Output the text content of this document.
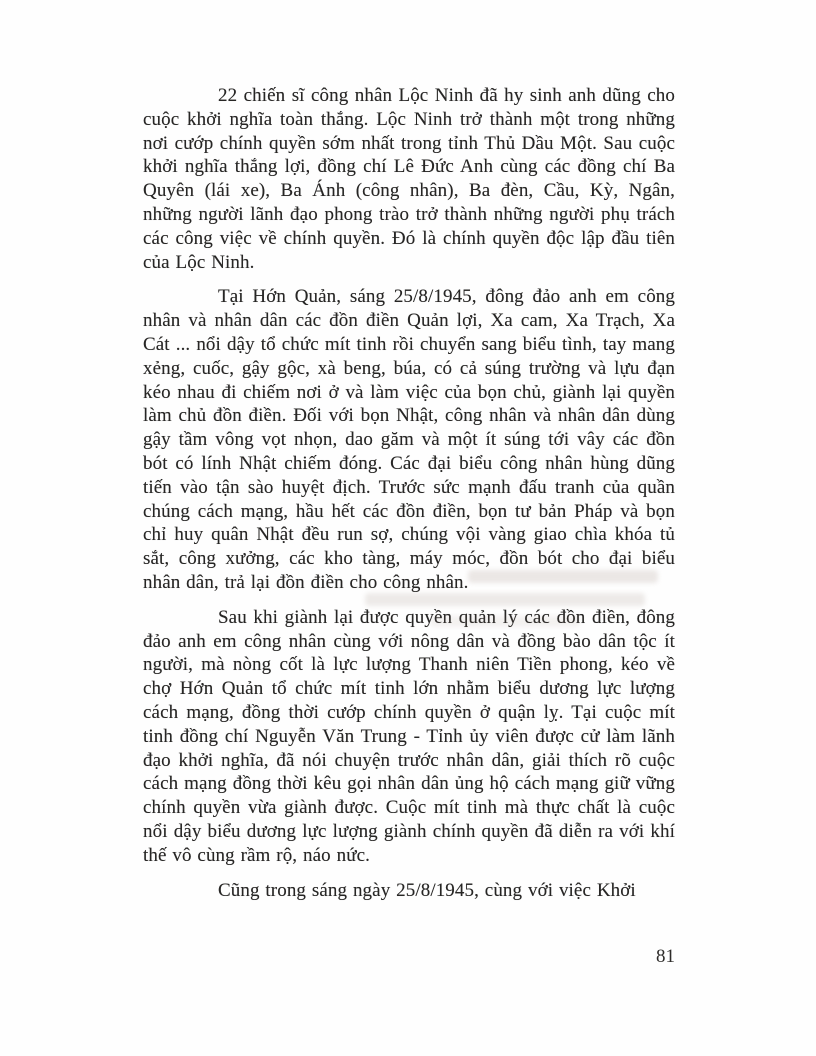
22 chiến sĩ công nhân Lộc Ninh đã hy sinh anh dũng cho cuộc khởi nghĩa toàn thắng. Lộc Ninh trở thành một trong những nơi cướp chính quyền sớm nhất trong tỉnh Thủ Dầu Một. Sau cuộc khởi nghĩa thắng lợi, đồng chí Lê Đức Anh cùng các đồng chí Ba Quyên (lái xe), Ba Ánh (công nhân), Ba đèn, Cầu, Kỳ, Ngân, những người lãnh đạo phong trào trở thành những người phụ trách các công việc về chính quyền. Đó là chính quyền độc lập đầu tiên của Lộc Ninh.

Tại Hớn Quản, sáng 25/8/1945, đông đảo anh em công nhân và nhân dân các đồn điền Quản lợi, Xa cam, Xa Trạch, Xa Cát ... nổi dậy tổ chức mít tinh rồi chuyển sang biểu tình, tay mang xẻng, cuốc, gậy gộc, xà beng, búa, có cả súng trường và lựu đạn kéo nhau đi chiếm nơi ở và làm việc của bọn chủ, giành lại quyền làm chủ đồn điền. Đối với bọn Nhật, công nhân và nhân dân dùng gậy tầm vông vọt nhọn, dao găm và một ít súng tới vây các đồn bót có lính Nhật chiếm đóng. Các đại biểu công nhân hùng dũng tiến vào tận sào huyệt địch. Trước sức mạnh đấu tranh của quần chúng cách mạng, hầu hết các đồn điền, bọn tư bản Pháp và bọn chỉ huy quân Nhật đều run sợ, chúng vội vàng giao chìa khóa tủ sắt, công xưởng, các kho tàng, máy móc, đồn bót cho đại biểu nhân dân, trả lại đồn điền cho công nhân.

Sau khi giành lại được quyền quản lý các đồn điền, đông đảo anh em công nhân cùng với nông dân và đồng bào dân tộc ít người, mà nòng cốt là lực lượng Thanh niên Tiền phong, kéo về chợ Hớn Quản tổ chức mít tinh lớn nhằm biểu dương lực lượng cách mạng, đồng thời cướp chính quyền ở quận lỵ. Tại cuộc mít tinh đồng chí Nguyễn Văn Trung - Tỉnh ủy viên được cử làm lãnh đạo khởi nghĩa, đã nói chuyện trước nhân dân, giải thích rõ cuộc cách mạng đồng thời kêu gọi nhân dân ủng hộ cách mạng giữ vững chính quyền vừa giành được. Cuộc mít tinh mà thực chất là cuộc nổi dậy biểu dương lực lượng giành chính quyền đã diễn ra với khí thế vô cùng rầm rộ, náo nức.

Cũng trong sáng ngày 25/8/1945, cùng với việc Khởi

81
